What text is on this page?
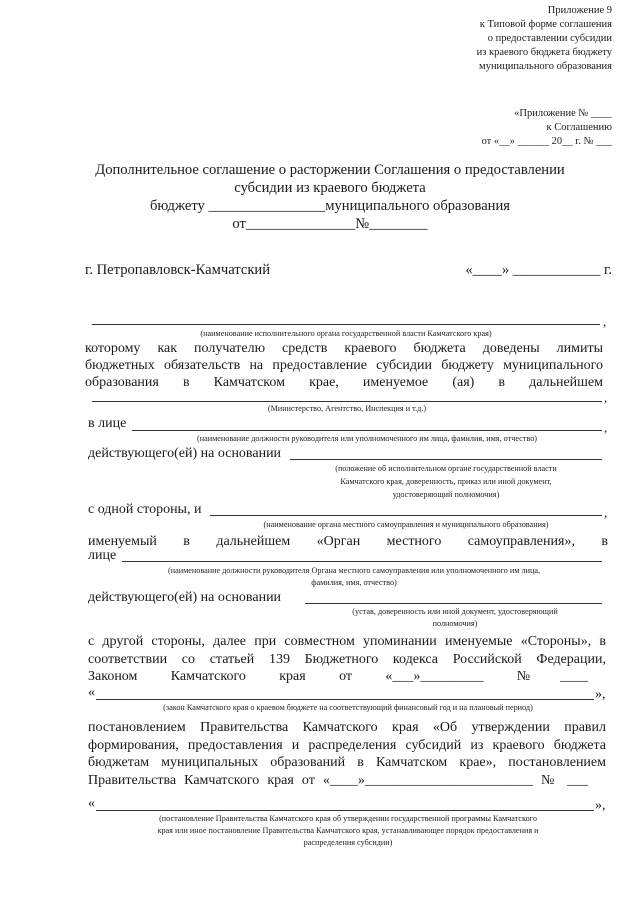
Приложение 9
к Типовой форме соглашения
о предоставлении субсидии
из краевого бюджета бюджету
муниципального образования
«Приложение № ____
к Соглашению
от «__» ______ 20__ г. № ___
Дополнительное соглашение о расторжении Соглашения о предоставлении
субсидии из краевого бюджета
бюджету ________________муниципального образования
от_______________№________
г. Петропавловск-Камчатский	«____» ____________ г.
,
(наименование исполнительного органа государственной власти Камчатского края)
которому как получателю средств краевого бюджета доведены лимиты
бюджетных обязательств на предоставление субсидии бюджету муниципального
образования в Камчатском крае, именуемое (ая) в дальнейшем
,
(Министерство, Агентство, Инспекция и т.д.)
в лице	,
(наименование должности руководителя или уполномоченного им лица, фамилия, имя, отчество)
действующего(ей) на основании
(положение об исполнительном органе государственной власти
Камчатского края, доверенность, приказ или иной документ,
удостоверяющий полномочия)
с одной стороны, и	,
(наименование органа местного самоуправления и муниципального образования)
именуемый в дальнейшем «Орган местного самоуправления», в
лице
(наименование должности руководителя Органа местного самоуправления или уполномоченного им лица,
фамилия, имя, отчество)
действующего(ей) на основании
(устав, доверенность или иной документ, удостоверяющий
полномочия)
с другой стороны, далее при совместном упоминании именуемые «Стороны», в
соответствии со статьей 139 Бюджетного кодекса Российской Федерации,
Законом Камчатского края от «___»_________ №____
«	»,
(закон Камчатского края о краевом бюджете на соответствующий финансовый год и на плановый период)
постановлением Правительства Камчатского края «Об утверждении правил
формирования, предоставления и распределения субсидий из краевого бюджета
бюджетам муниципальных образований в Камчатском крае», постановлением
Правительства Камчатского края от «____»________________________ № ___
«	»,
(постановление Правительства Камчатского края об утверждении государственной программы Камчатского
края или иное постановление Правительства Камчатского края, устанавливающее порядок предоставления и
распределения субсидии)
